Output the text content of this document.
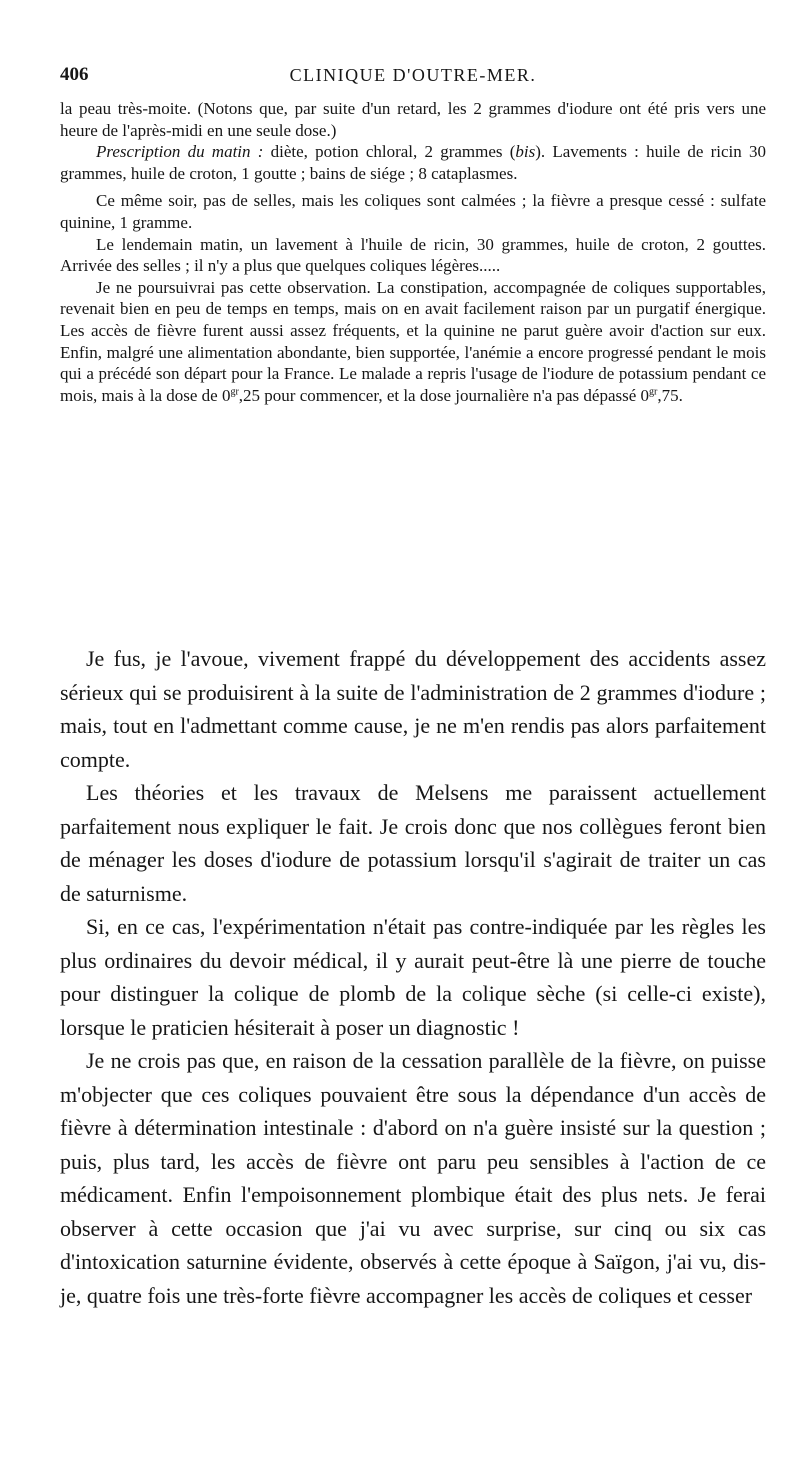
406	CLINIQUE D'OUTRE-MER.

la peau très-moite. (Notons que, par suite d'un retard, les 2 grammes d'iodure ont été pris vers une heure de l'après-midi en une seule dose.)

Prescription du matin : diète, potion chloral, 2 grammes (bis). Lavements : huile de ricin 30 grammes, huile de croton, 1 goutte ; bains de siége ; 8 cataplasmes.

Ce même soir, pas de selles, mais les coliques sont calmées ; la fièvre a presque cessé : sulfate quinine, 1 gramme.

Le lendemain matin, un lavement à l'huile de ricin, 30 grammes, huile de croton, 2 gouttes. Arrivée des selles ; il n'y a plus que quelques coliques légères.....

Je ne poursuivrai pas cette observation. La constipation, accompagnée de coliques supportables, revenait bien en peu de temps en temps, mais on en avait facilement raison par un purgatif énergique. Les accès de fièvre furent aussi assez fréquents, et la quinine ne parut guère avoir d'action sur eux. Enfin, malgré une alimentation abondante, bien supportée, l'anémie a encore progressé pendant le mois qui a précédé son départ pour la France. Le malade a repris l'usage de l'iodure de potassium pendant ce mois, mais à la dose de $0^{gr},25$ pour commencer, et la dose journalière n'a pas dépassé $0^{gr},75$.

Je fus, je l'avoue, vivement frappé du développement des accidents assez sérieux qui se produisirent à la suite de l'administration de 2 grammes d'iodure ; mais, tout en l'admettant comme cause, je ne m'en rendis pas alors parfaitement compte.

Les théories et les travaux de Melsens me paraissent actuellement parfaitement nous expliquer le fait. Je crois donc que nos collègues feront bien de ménager les doses d'iodure de potassium lorsqu'il s'agirait de traiter un cas de saturnisme.

Si, en ce cas, l'expérimentation n'était pas contre-indiquée par les règles les plus ordinaires du devoir médical, il y aurait peut-être là une pierre de touche pour distinguer la colique de plomb de la colique sèche (si celle-ci existe), lorsque le praticien hésiterait à poser un diagnostic !

Je ne crois pas que, en raison de la cessation parallèle de la fièvre, on puisse m'objecter que ces coliques pouvaient être sous la dépendance d'un accès de fièvre à détermination intestinale : d'abord on n'a guère insisté sur la question ; puis, plus tard, les accès de fièvre ont paru peu sensibles à l'action de ce médicament. Enfin l'empoisonnement plombique était des plus nets. Je ferai observer à cette occasion que j'ai vu avec surprise, sur cinq ou six cas d'intoxication saturnine évidente, observés à cette époque à Saïgon, j'ai vu, dis-je, quatre fois une très-forte fièvre accompagner les accès de coliques et cesser
